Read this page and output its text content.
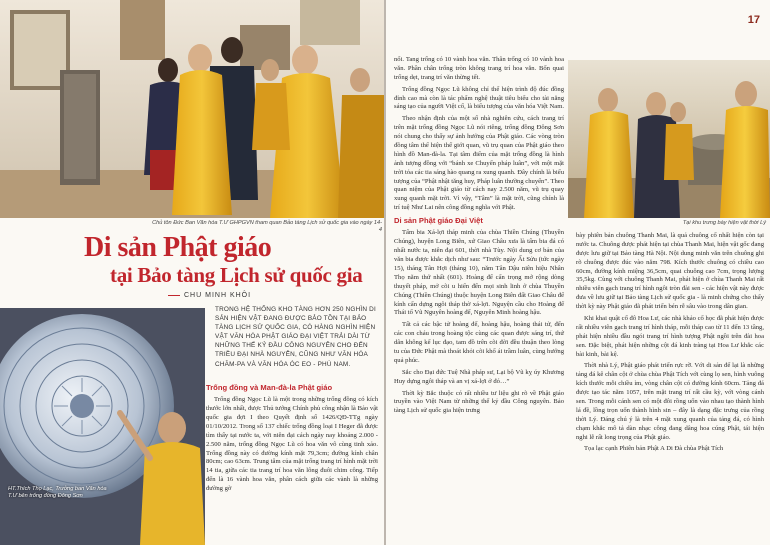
Chủ tôn Đức Ban Văn hóa T.Ư GHPGVN tham quan Bảo tàng Lịch sử quốc gia vào ngày 14-4
Di sản Phật giáo
tại Bảo tàng Lịch sử quốc gia
CHU MINH KHÔI
HT.Thích Thọ Lạc, Trưởng ban Văn hóa T.Ư bên trống đồng Đông Sơn
TRONG HỆ THỐNG KHO TÀNG HƠN 250 NGHÌN DI SẢN HIỆN VẬT ĐANG ĐƯỢC BẢO TỒN TẠI BẢO TÀNG LỊCH SỬ QUỐC GIA, CÓ HÀNG NGHÌN HIỆN VẬT VĂN HÓA PHẬT GIÁO ĐẠI VIỆT TRẢI DÀI TỪ NHỮNG THẾ KỶ ĐẦU CÔNG NGUYÊN CHO ĐẾN TRIỀU ĐẠI NHÀ NGUYỄN, CŨNG NHƯ VĂN HÓA CHĂM-PA VÀ VĂN HÓA ÓC EO - PHÙ NAM.
Trống đồng và Man-đà-la Phật giáo

Trống đồng Ngọc Lũ là một trong những trống đồng có kích thước lớn nhất, được Thủ tướng Chính phủ công nhận là Bảo vật quốc gia đợt I theo Quyết định số 1426/QĐ-TTg ngày 01/10/2012. Trong số 137 chiếc trống đồng loại I Heger đã được tìm thấy tại nước ta, với niên đại cách ngày nay khoảng 2.000 - 2.500 năm, trống đồng Ngọc Lũ có hoa văn vô cùng tinh xảo. Trống đồng này có đường kính mặt 79,3cm; đường kính chân 80cm; cao 63cm. Trung tâm của mặt trống trang trí hình mặt trời 14 tia, giữa các tia trang trí hoa văn lông đuôi chim công. Tiếp đến là 16 vành hoa văn, phân cách giữa các vành là những đường gờ

17

nổi. Tang trống có 10 vành hoa văn. Thân trống có 10 vành hoa văn. Phần chân trống tròn không trang trí hoa văn. Bốn quai trống dẹt, trang trí văn thừng tết.

Trống đồng Ngọc Lũ không chỉ thể hiện trình độ đúc đồng đỉnh cao mà còn là tác phẩm nghệ thuật tiêu biểu cho tài năng sáng tạo của người Việt cổ, là biểu tượng của văn hóa Việt Nam.

Theo nhận định của một số nhà nghiên cứu, cách trang trí trên mặt trống đồng Ngọc Lũ nói riêng, trống đồng Đông Sơn nói chung cho thấy sự ảnh hưởng của Phật giáo. Các vòng tròn đồng tâm thể hiện thế giới quan, vũ trụ quan của Phật giáo theo hình đồ Man-đà-la. Tại tâm điểm của mặt trống đồng là hình ảnh tượng đồng với “bánh xe Chuyển pháp luân”, với một mặt trời tỏa các tia sáng hào quang ra xung quanh. Đây chính là biểu tượng của “Phật nhật tăng huy, Pháp luân thường chuyển”. Theo quan niệm của Phật giáo từ cách nay 2.500 năm, vũ trụ quay xung quanh mặt trời. Vì vậy, “Tâm” là mặt trời, cũng chính là trí tuệ Như Lai nên công đồng nghĩa với Phật.

Di sản Phật giáo Đại Việt

Tấm bia Xá-lợi tháp minh của chùa Thiền Chúng (Thuyền Chúng), huyện Long Biên, xứ Giao Châu xưa là tấm bia đá có nhất nước ta, niên đại 601, thời nhà Tùy. Nội dung cơ bản của văn bia được khắc dịch như sau: “Trước ngày Ất Sửu (tức ngày 15), tháng Tân Hợi (tháng 10), năm Tân Dậu niên hiệu Nhân Thọ năm thứ nhất (601). Hoàng đế cẩn trọng mở rộng dòng thuyết pháp, mở cõi u hiển đến mọi sinh linh ở chùa Thuyền Chúng (Thiền Chúng) thuộc huyện Long Biên đất Giao Châu để kính cẩn dựng ngôi tháp thờ xá-lợi. Nguyện cầu cho Hoàng đế Thái tổ Vũ Nguyên hoàng đế, Nguyên Minh hoàng hậu.

Tất cả các bậc tử hoàng đế, hoàng hậu, hoàng thái tử, đến các con cháu trong hoàng tộc cùng các quan được sáng trí, thứ dân không kể lục đạo, tam đồ trên cõi đời đều thuận theo lòng tu của Đức Phật mà thoát khỏi cõi khổ ái trầm luân, cùng hướng quả phúc.

Sắc cho Đại đức Tuệ Nhã pháp sư, Lại bộ Vũ kỵ úy Khương Huy dựng ngôi tháp và an vị xá-lợi ở đó…”

Thời kỳ Bắc thuộc có rất nhiều tư liệu ghi rõ về Phật giáo truyền vào Việt Nam từ những thế kỷ đầu Công nguyên. Bảo tàng Lịch sử quốc gia hiện trưng

Tại khu trưng bày hiện vật thời Lý

bày phiên bản chuông Thanh Mai, là quả chuông cổ nhất hiện còn tại nước ta. Chuông được phát hiện tại chùa Thanh Mai, hiện vật gốc đang được lưu giữ tại Bảo tàng Hà Nội. Nội dung minh văn trên chuông ghi rõ chuông được đúc vào năm 798. Kích thước chuông có chiều cao 60cm, đường kính miệng 36,5cm, quai chuông cao 7cm, trọng lượng 35,5kg. Cùng với chuông Thanh Mai, phát hiện ở chùa Thanh Mai rất nhiều viên gạch trang trí hình ngôi tròn đài sen - các hiện vật này được đưa về lưu giữ tại Bảo tàng Lịch sử quốc gia - là minh chứng cho thấy thời kỳ này Phật giáo đã phát triển bén rễ sâu vào trong dân gian.

Khi khai quật cố đô Hoa Lư, các nhà khảo cổ học đã phát hiện được rất nhiều viên gạch trang trí hình tháp, mỗi tháp cao từ 11 đến 13 tầng, phát hiện nhiều đầu ngói trang trí hình tượng Phật ngồi trên đài hoa sen. Đặc biệt, phát hiện những cột đá kinh tràng tại Hoa Lư khắc các bài kinh, bài kệ.

Thời nhà Lý, Phật giáo phát triển rực rỡ. Với di sản để lại là những tảng đá kê chân cột ở chùa chùa Phật Tích với cùng lọ sen, hình vuông kích thước mỗi chiều ỉm, vòng chân cột có đường kính 60cm. Tảng đá được tạo tác năm 1057, trên mặt trang trí rất cầu kỳ, với vòng cánh sen. Trong mỗi cánh sen có một đôi rồng uốn vào nhau tạo thành hình lá đề, lồng trọn uốn thành hình sin – đây là dạng đặc trưng của rồng thời Lý. Đáng chú ý là trên 4 mặt xung quanh của tảng đá, có hình chạm khắc mô tả dàn nhạc công đang dâng hoa cúng Phật, tái hiện nghi lễ rất long trọng của Phật giáo.

Tọa lạc cạnh Phiên bản Phật A Di Đà chùa Phật Tích
